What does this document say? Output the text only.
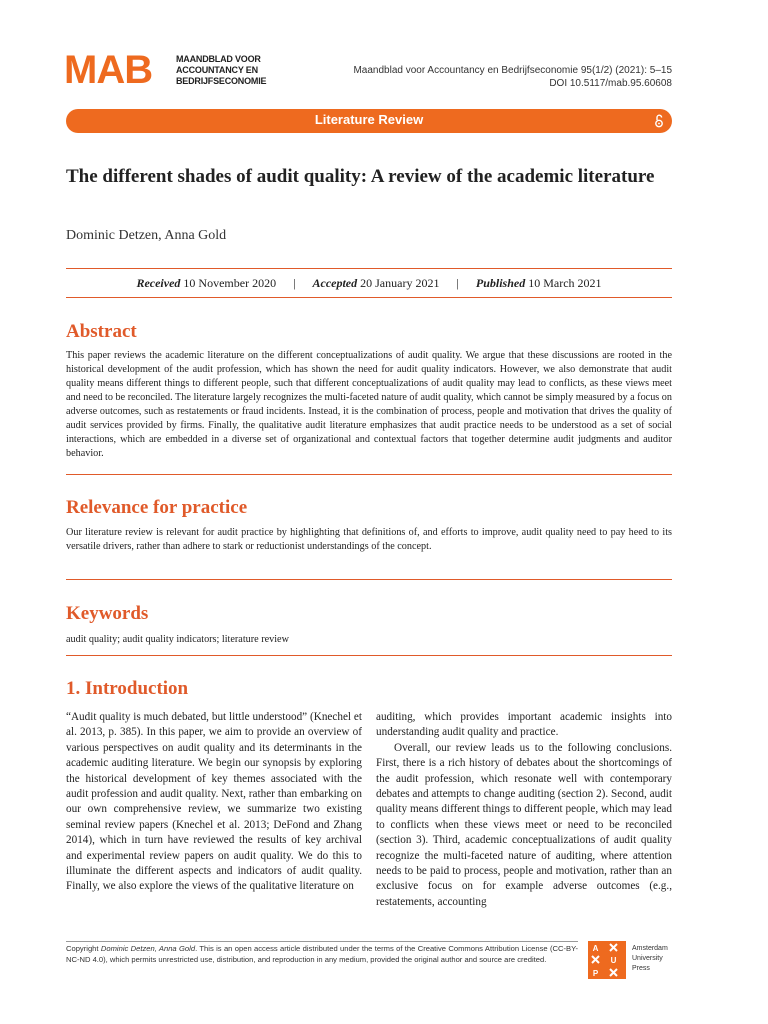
MAB	MAANDBLAD VOOR
ACCOUNTANCY EN
BEDRIJFSECONOMIE
Maandblad voor Accountancy en Bedrijfseconomie 95(1/2) (2021): 5–15
DOI 10.5117/mab.95.60608
Literature Review
The different shades of audit quality: A review of the academic literature
Dominic Detzen, Anna Gold
Received 10 November 2020 | Accepted 20 January 2021 | Published 10 March 2021
Abstract
This paper reviews the academic literature on the different conceptualizations of audit quality. We argue that these discussions are rooted in the historical development of the audit profession, which has shown the need for audit quality indicators. However, we also demonstrate that audit quality means different things to different people, such that different conceptualizations of audit quality may lead to conflicts, as these views meet and need to be reconciled. The literature largely recognizes the multi-faceted nature of audit quality, which cannot be simply measured by a focus on adverse outcomes, such as restatements or fraud incidents. Instead, it is the combination of process, people and motivation that drives the quality of audit services provided by firms. Finally, the qualitative audit literature emphasizes that audit practice needs to be understood as a set of social interactions, which are embedded in a diverse set of organizational and contextual factors that together determine audit judgments and auditor behavior.
Relevance for practice
Our literature review is relevant for audit practice by highlighting that definitions of, and efforts to improve, audit quality need to pay heed to its versatile drivers, rather than adhere to stark or reductionist understandings of the concept.
Keywords
audit quality; audit quality indicators; literature review
1. Introduction

“Audit quality is much debated, but little understood” (Knechel et al. 2013, p. 385). In this paper, we aim to provide an overview of various perspectives on audit quality and its determinants in the academic auditing literature. We begin our synopsis by exploring the historical development of key themes associated with the audit profession and audit quality. Next, rather than embarking on our own comprehensive review, we summarize two existing seminal review papers (Knechel et al. 2013; DeFond and Zhang 2014), which in turn have reviewed the results of key archival and experimental review papers on audit quality. We do this to illuminate the different aspects and indicators of audit quality. Finally, we also explore the views of the qualitative literature on

auditing, which provides important academic insights into understanding audit quality and practice.

Overall, our review leads us to the following conclusions. First, there is a rich history of debates about the shortcomings of the audit profession, which resonate well with contemporary debates and attempts to change auditing (section 2). Second, audit quality means different things to different people, which may lead to conflicts when these views meet or need to be reconciled (section 3). Third, academic conceptualizations of audit quality recognize the multi-faceted nature of auditing, where attention needs to be paid to process, people and motivation, rather than an exclusive focus on for example adverse outcomes (e.g., restatements, accounting

Copyright Dominic Detzen, Anna Gold. This is an open access article distributed under the terms of the Creative Commons Attribution License (CC-BY-NC-ND 4.0), which permits unrestricted use, distribution, and reproduction in any medium, provided the original author and source are credited.
A
U
P
Amsterdam
University
Press
